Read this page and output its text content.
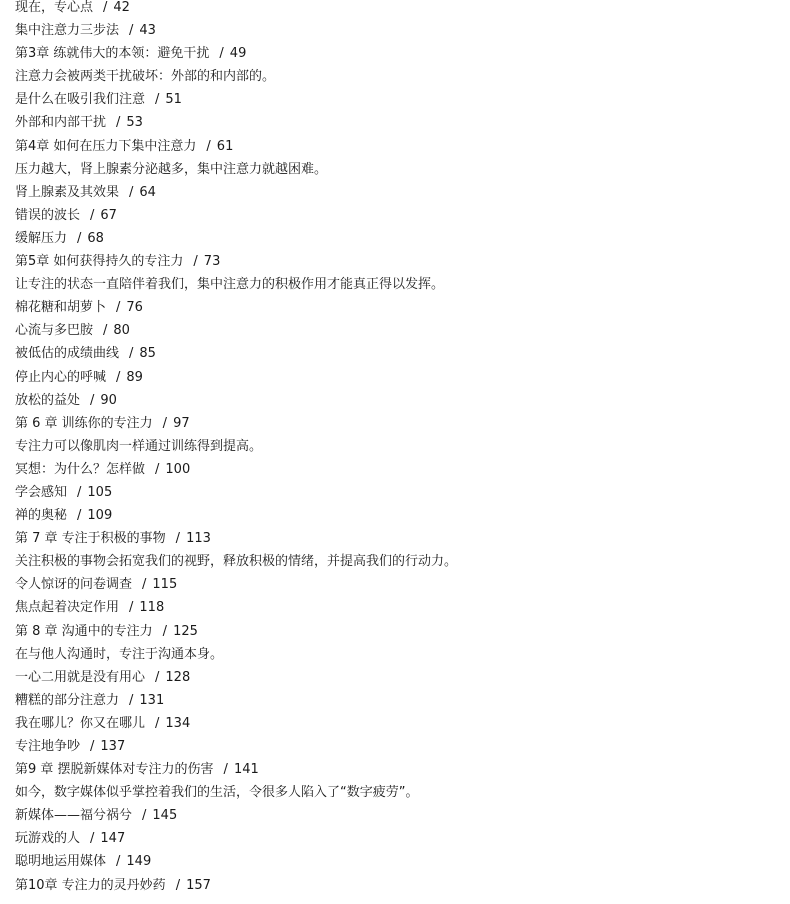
现在，专心点 / 42
集中注意力三步法 / 43
第3章 练就伟大的本领：避免干扰 / 49
注意力会被两类干扰破坏：外部的和内部的。
是什么在吸引我们注意 / 51
外部和内部干扰 / 53
第4章 如何在压力下集中注意力 / 61
压力越大，肾上腺素分泌越多，集中注意力就越困难。
肾上腺素及其效果 / 64
错误的波长 / 67
缓解压力 / 68
第5章 如何获得持久的专注力 / 73
让专注的状态一直陪伴着我们，集中注意力的积极作用才能真正得以发挥。
棉花糖和胡萝卜 / 76
心流与多巴胺 / 80
被低估的成绩曲线 / 85
停止内心的呼喊 / 89
放松的益处 / 90
第 6 章 训练你的专注力 / 97
专注力可以像肌肉一样通过训练得到提高。
冥想：为什么？怎样做 / 100
学会感知 / 105
禅的奥秘 / 109
第 7 章 专注于积极的事物 / 113
关注积极的事物会拓宽我们的视野，释放积极的情绪，并提高我们的行动力。
令人惊讶的问卷调查 / 115
焦点起着决定作用 / 118
第 8 章 沟通中的专注力 / 125
在与他人沟通时，专注于沟通本身。
一心二用就是没有用心 / 128
糟糕的部分注意力 / 131
我在哪儿？你又在哪儿 / 134
专注地争吵 / 137
第9 章 摆脱新媒体对专注力的伤害 / 141
如今，数字媒体似乎掌控着我们的生活，令很多人陷入了“数字疲劳”。
新媒体——福兮祸兮 / 145
玩游戏的人 / 147
聪明地运用媒体 / 149
第10章 专注力的灵丹妙药 / 157
